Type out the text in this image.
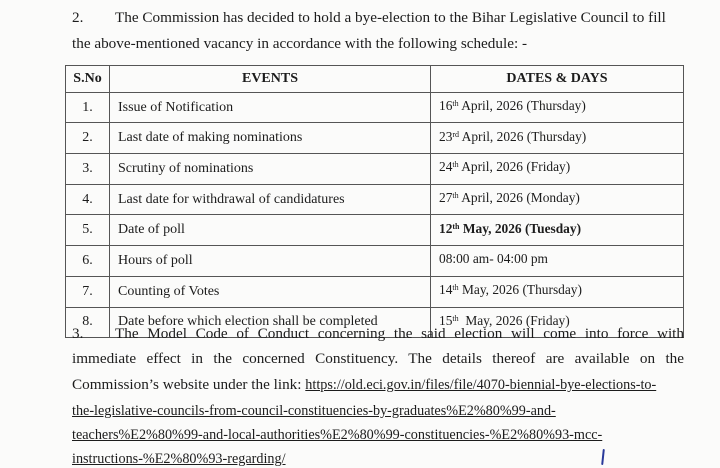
2. The Commission has decided to hold a bye-election to the Bihar Legislative Council to fill
the above-mentioned vacancy in accordance with the following schedule: -
S.No	EVENTS	DATES & DAYS
1.	Issue of Notification	16th April, 2026 (Thursday)
2.	Last date of making nominations	23rd April, 2026 (Thursday)
3.	Scrutiny of nominations	24th April, 2026 (Friday)
4.	Last date for withdrawal of candidatures	27th April, 2026 (Monday)
5.	Date of poll	12th May, 2026 (Tuesday)
6.	Hours of poll	08:00 am- 04:00 pm
7.	Counting of Votes	14th May, 2026 (Thursday)
8.	Date before which election shall be completed	15th  May, 2026 (Friday)
3. The Model Code of Conduct concerning the said election will come into force with
immediate effect in the concerned Constituency. The details thereof are available on the
Commission’s website under the link: https://old.eci.gov.in/files/file/4070-biennial-bye-elections-to-
the-legislative-councils-from-council-constituencies-by-graduates%E2%80%99-and-
teachers%E2%80%99-and-local-authorities%E2%80%99-constituencies-%E2%80%93-mcc-
instructions-%E2%80%93-regarding/
